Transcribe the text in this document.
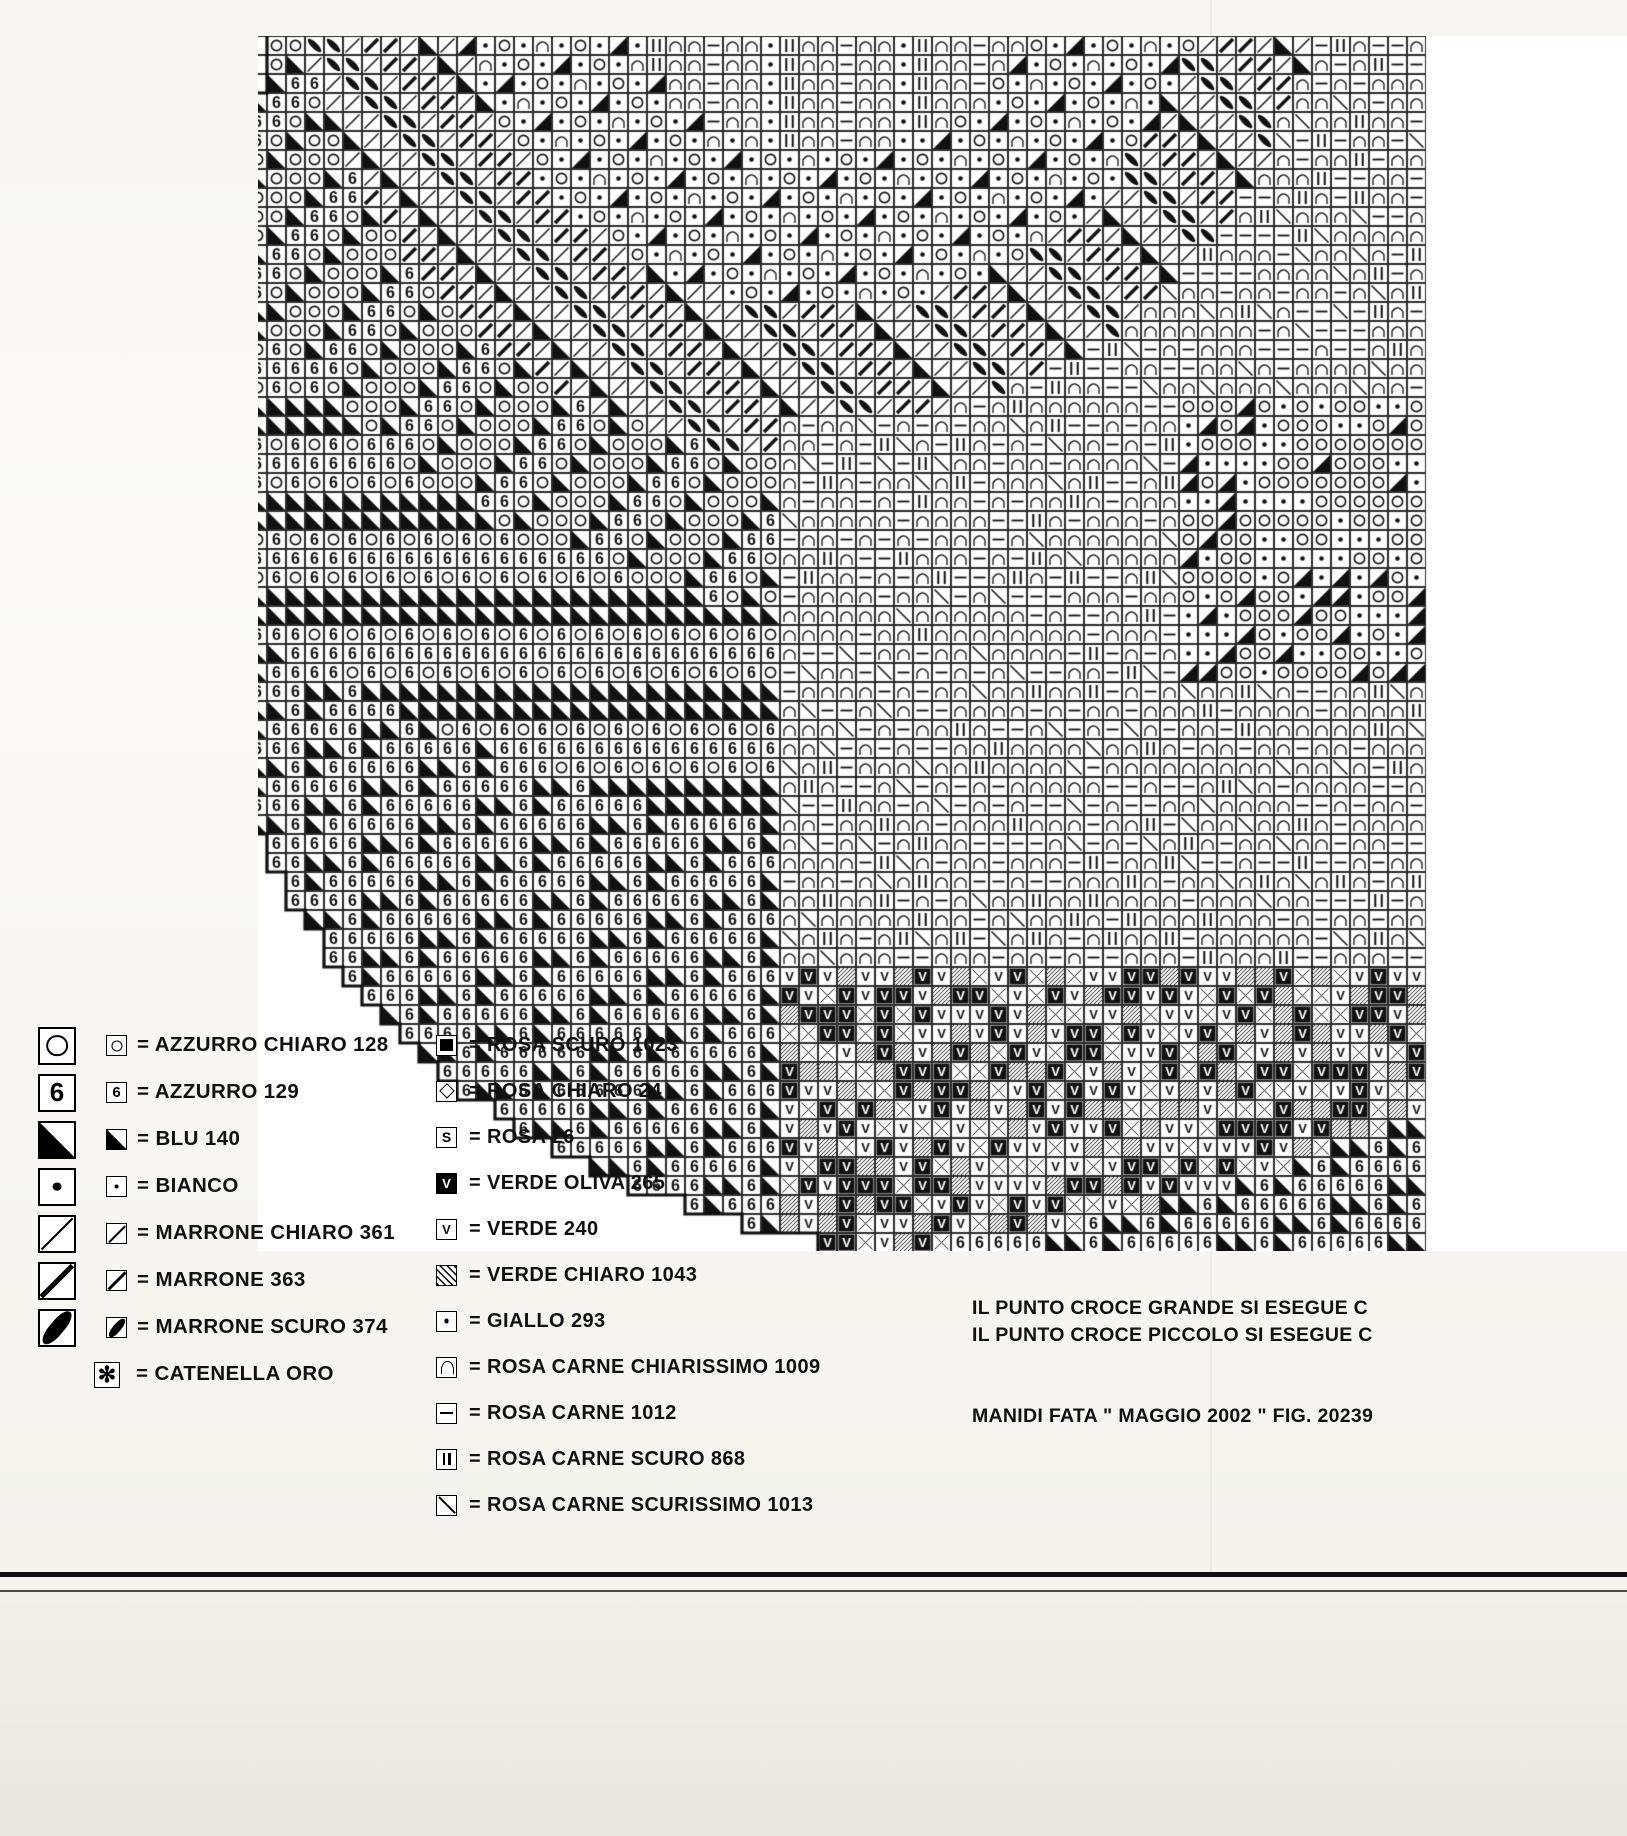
= AZZURRO CHIARO 128
6	6 = AZZURRO 129
= BLU 140
= BIANCO
= MARRONE CHIARO 361
= MARRONE 363
= MARRONE SCURO 374
✻ = CATENELLA ORO
= ROSA SCURO 1023
= ROSA CHIARO 24
S = ROSA 26
V = VERDE OLIVA 265
V = VERDE 240
= VERDE CHIARO 1043
= GIALLO 293
= ROSA CARNE CHIARISSIMO 1009
= ROSA CARNE 1012
= ROSA CARNE SCURO 868
= ROSA CARNE SCURISSIMO 1013
IL PUNTO CROCE GRANDE SI ESEGUE C
IL PUNTO CROCE PICCOLO SI ESEGUE C
MANIDI FATA " MAGGIO 2002 " FIG. 20239
